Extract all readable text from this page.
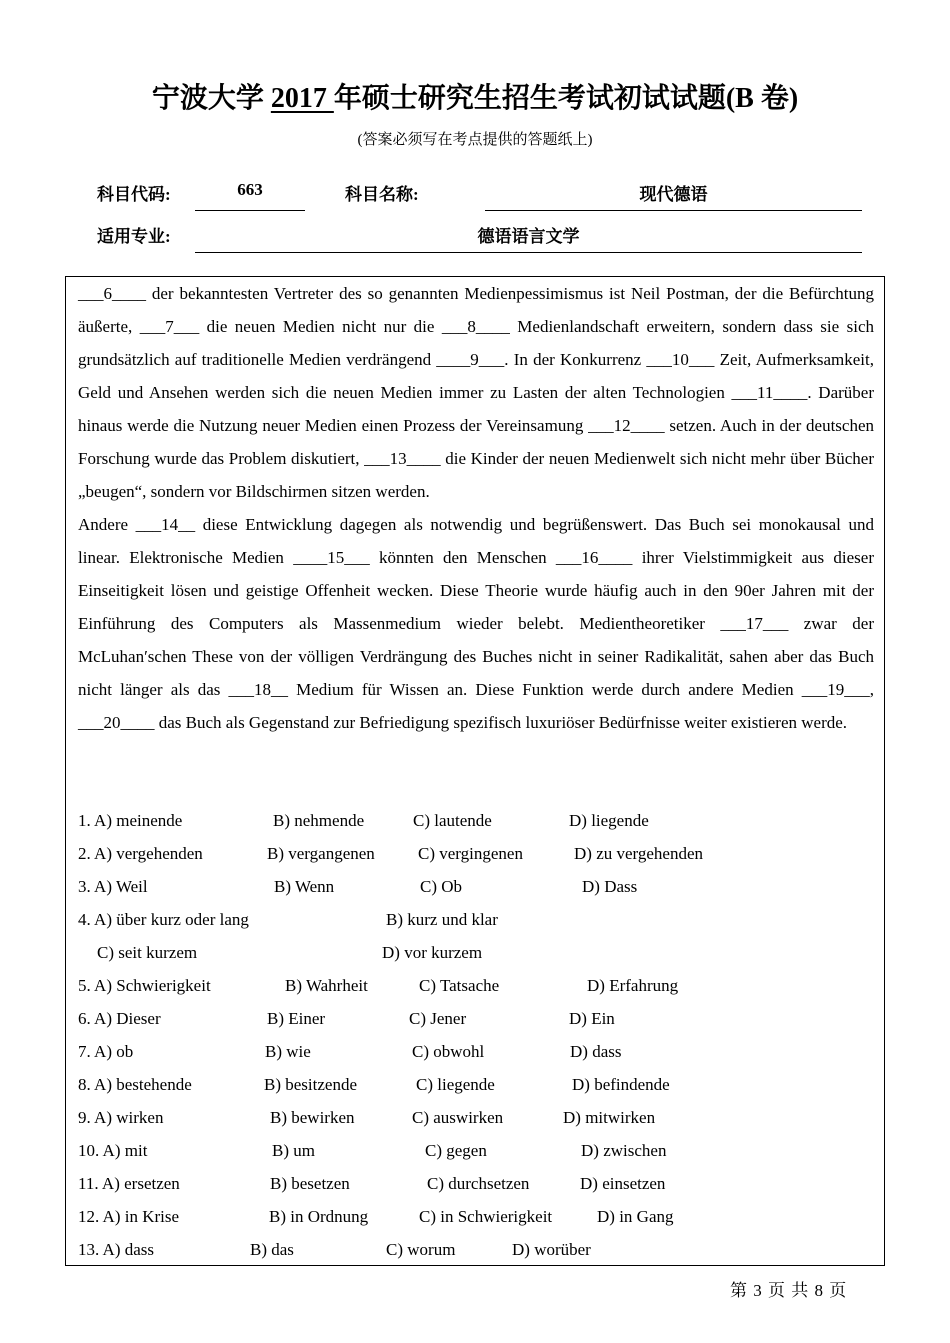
宁波大学 2017 年硕士研究生招生考试初试试题(B 卷)
(答案必须写在考点提供的答题纸上)
科目代码:	663	科目名称:	现代德语
适用专业:	德语语言文学

___6____ der bekanntesten Vertreter des so genannten Medienpessimismus ist Neil Postman, der die Befürchtung äußerte, ___7___ die neuen Medien nicht nur die ___8____ Medienlandschaft erweitern, sondern dass sie sich grundsätzlich auf traditionelle Medien verdrängend ____9___. In der Konkurrenz ___10___ Zeit, Aufmerksamkeit, Geld und Ansehen werden sich die neuen Medien immer zu Lasten der alten Technologien ___11____. Darüber hinaus werde die Nutzung neuer Medien einen Prozess der Vereinsamung ___12____ setzen. Auch in der deutschen Forschung wurde das Problem diskutiert, ___13____ die Kinder der neuen Medienwelt sich nicht mehr über Bücher „beugen“, sondern vor Bildschirmen sitzen werden.

Andere ___14__ diese Entwicklung dagegen als notwendig und begrüßenswert. Das Buch sei monokausal und linear. Elektronische Medien ____15___ könnten den Menschen ___16____ ihrer Vielstimmigkeit aus dieser Einseitigkeit lösen und geistige Offenheit wecken. Diese Theorie wurde häufig auch in den 90er Jahren mit der Einführung des Computers als Massenmedium wieder belebt. Medientheoretiker ___17___ zwar der McLuhan′schen These von der völligen Verdrängung des Buches nicht in seiner Radikalität, sahen aber das Buch nicht länger als das ___18__ Medium für Wissen an. Diese Funktion werde durch andere Medien ___19___, ___20____ das Buch als Gegenstand zur Befriedigung spezifisch luxuriöser Bedürfnisse weiter existieren werde.

1. A) meinende	B) nehmende	C) lautende	D) liegende
2. A) vergehenden	B) vergangenen	C) vergingenen	D) zu vergehenden
3. A) Weil	B) Wenn	C) Ob	D) Dass
4. A) über kurz oder lang	B) kurz und klar
C) seit kurzem	D) vor kurzem
5. A) Schwierigkeit	B) Wahrheit	C) Tatsache	D) Erfahrung
6. A) Dieser	B) Einer	C) Jener	D) Ein
7. A) ob	B) wie	C) obwohl	D) dass
8. A) bestehende	B) besitzende	C) liegende	D) befindende
9. A) wirken	B) bewirken	C) auswirken	D) mitwirken
10. A) mit	B) um	C) gegen	D) zwischen
11. A) ersetzen	B) besetzen	C) durchsetzen	D) einsetzen
12. A) in Krise	B) in Ordnung	C) in Schwierigkeit	D) in Gang
13. A) dass	B) das	C) worum	D) worüber
第 3 页 共 8 页
